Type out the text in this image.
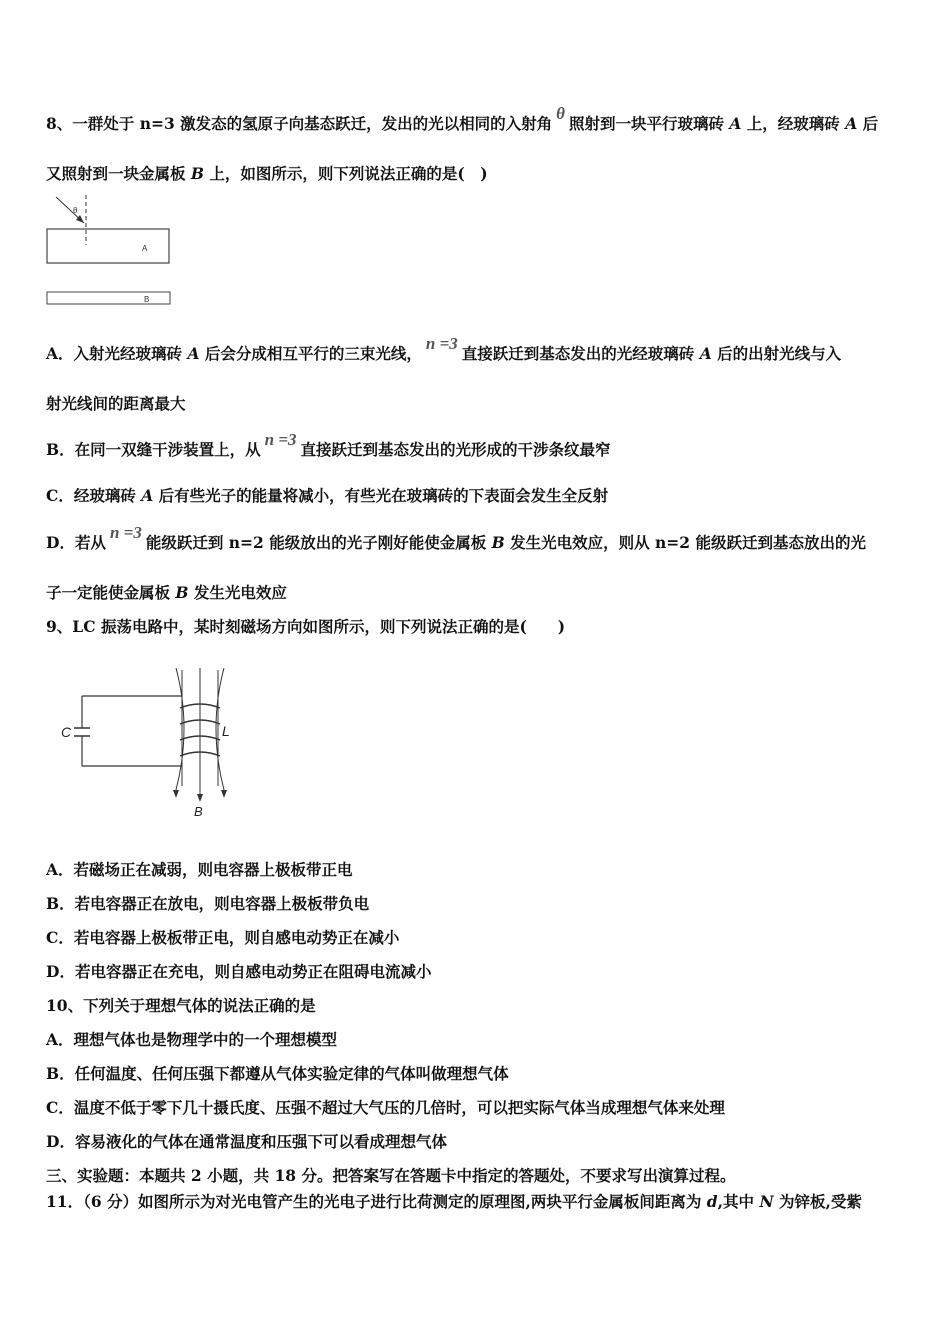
8、一群处于 n=3 激发态的氢原子向基态跃迁，发出的光以相同的入射角θ照射到一块平行玻璃砖 A 上，经玻璃砖 A 后
又照射到一块金属板 B 上，如图所示，则下列说法正确的是(　)
θ
A
B
A．入射光经玻璃砖 A 后会分成相互平行的三束光线，n =3直接跃迁到基态发出的光经玻璃砖 A 后的出射光线与入
射光线间的距离最大
B．在同一双缝干涉装置上，从n =3直接跃迁到基态发出的光形成的干涉条纹最窄
C．经玻璃砖 A 后有些光子的能量将减小，有些光在玻璃砖的下表面会发生全反射
D．若从n =3能级跃迁到 n=2 能级放出的光子刚好能使金属板 B 发生光电效应，则从 n=2 能级跃迁到基态放出的光
子一定能使金属板 B 发生光电效应
9、LC 振荡电路中，某时刻磁场方向如图所示，则下列说法正确的是(　　)
C	L
B
A．若磁场正在减弱，则电容器上极板带正电
B．若电容器正在放电，则电容器上极板带负电
C．若电容器上极板带正电，则自感电动势正在减小
D．若电容器正在充电，则自感电动势正在阻碍电流减小
10、下列关于理想气体的说法正确的是
A．理想气体也是物理学中的一个理想模型
B．任何温度、任何压强下都遵从气体实验定律的气体叫做理想气体
C．温度不低于零下几十摄氏度、压强不超过大气压的几倍时，可以把实际气体当成理想气体来处理
D．容易液化的气体在通常温度和压强下可以看成理想气体
三、实验题：本题共 2 小题，共 18 分。把答案写在答题卡中指定的答题处，不要求写出演算过程。
11．（6 分）如图所示为对光电管产生的光电子进行比荷测定的原理图,两块平行金属板间距离为 d,其中 N 为锌板,受紫
